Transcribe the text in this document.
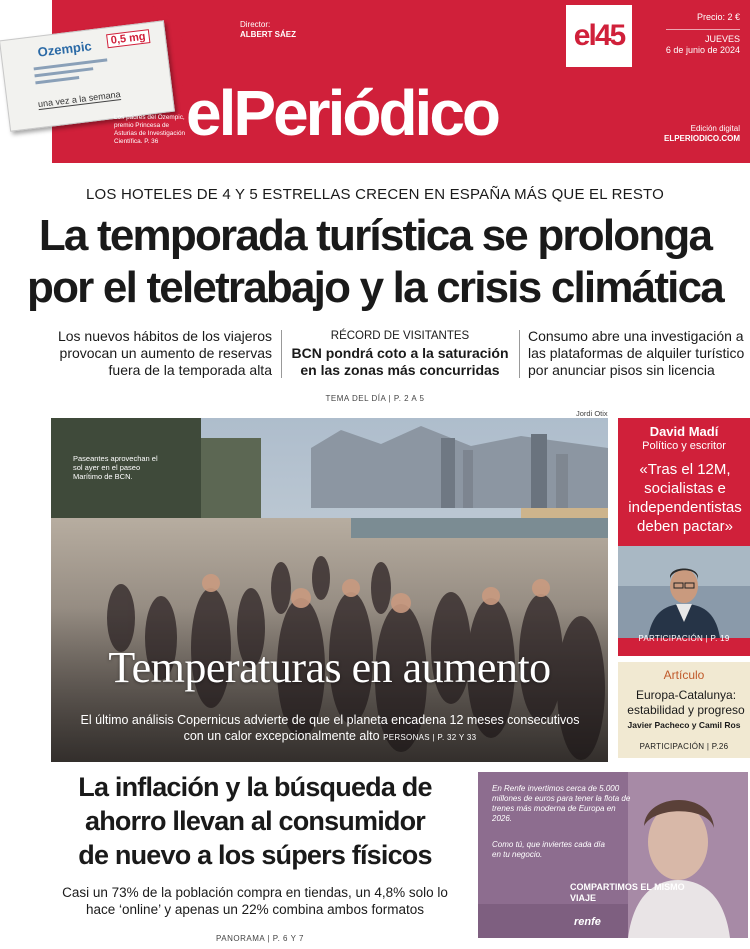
Director:
ALBERT SÁEZ	el45
Precio: 2 €
JUEVES
6 de junio de 2024
Edición digital
ELPERIODICO.COM
elPeriódico
Ozempic	0,5 mg
una vez a la semana
Los padres del Ozempic, premio Princesa de Asturias de Investigación Científica. P. 36
LOS HOTELES DE 4 Y 5 ESTRELLAS CRECEN EN ESPAÑA MÁS QUE EL RESTO
La temporada turística se prolonga
por el teletrabajo y la crisis climática
Los nuevos hábitos de los viajeros provocan un aumento de reservas fuera de la temporada alta
RÉCORD DE VISITANTES
BCN pondrá coto a la saturación en las zonas más concurridas
Consumo abre una investigación a las plataformas de alquiler turístico por anunciar pisos sin licencia
TEMA DEL DÍA | P. 2 A 5
Jordi Otix
Paseantes aprovechan el sol ayer en el paseo Marítimo de BCN.
Temperaturas en aumento
El último análisis Copernicus advierte de que el planeta encadena 12 meses consecutivos con un calor excepcionalmente alto PERSONAS | P. 32 Y 33
David Madí
Político y escritor
«Tras el 12M, socialistas e independentistas deben pactar»
PARTICIPACIÓN | P. 19
Artículo
Europa-Catalunya: estabilidad y progreso
Javier Pacheco y Camil Ros
PARTICIPACIÓN | P.26
La inflación y la búsqueda de
ahorro llevan al consumidor
de nuevo a los súpers físicos
Casi un 73% de la población compra en tiendas, un 4,8% solo lo hace ‘online’ y apenas un 22% combina ambos formatos
PANORAMA | P. 6 Y 7
En Renfe invertimos cerca de 5.000 millones de euros para tener la flota de trenes más moderna de Europa en 2026.
Como tú, que inviertes cada día en tu negocio.
COMPARTIMOS EL MISMO VIAJE
renfe
